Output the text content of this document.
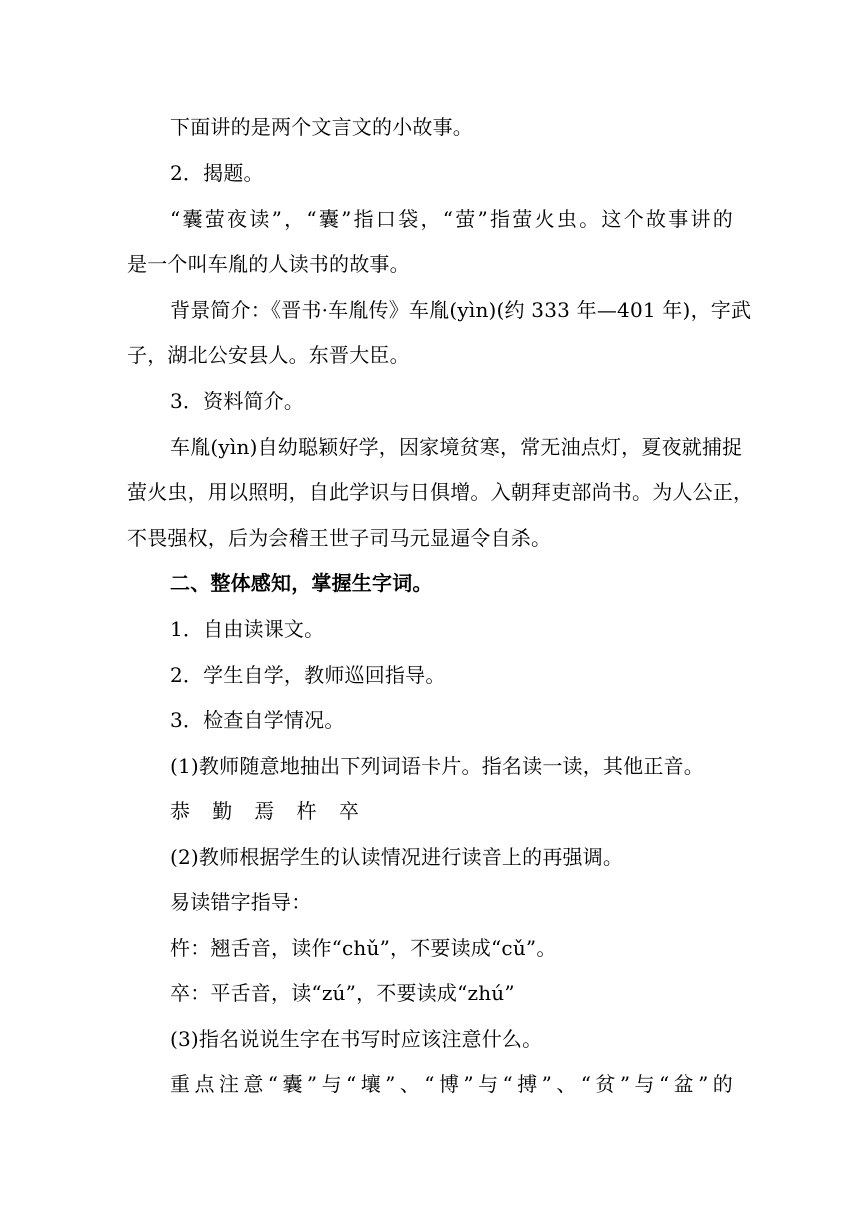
下面讲的是两个文言文的小故事。

2．揭题。

“囊萤夜读”，“囊”指口袋，“萤”指萤火虫。这个故事讲的

是一个叫车胤的人读书的故事。

背景简介：《晋书·车胤传》车胤(yìn)(约 333 年—401 年)，字武

子，湖北公安县人。东晋大臣。

3．资料简介。

车胤(yìn)自幼聪颖好学，因家境贫寒，常无油点灯，夏夜就捕捉

萤火虫，用以照明，自此学识与日俱增。入朝拜吏部尚书。为人公正，

不畏强权，后为会稽王世子司马元显逼令自杀。

二、整体感知，掌握生字词。

1．自由读课文。

2．学生自学，教师巡回指导。

3．检查自学情况。

(1)教师随意地抽出下列词语卡片。指名读一读，其他正音。

恭 勤 焉 杵 卒

(2)教师根据学生的认读情况进行读音上的再强调。

易读错字指导：

杵：翘舌音，读作“chǔ”，不要读成“cǔ”。

卒：平舌音，读“zú”，不要读成“zhú”

(3)指名说说生字在书写时应该注意什么。

重点注意“囊”与“壤”、“博”与“搏”、“贫”与“盆”的
